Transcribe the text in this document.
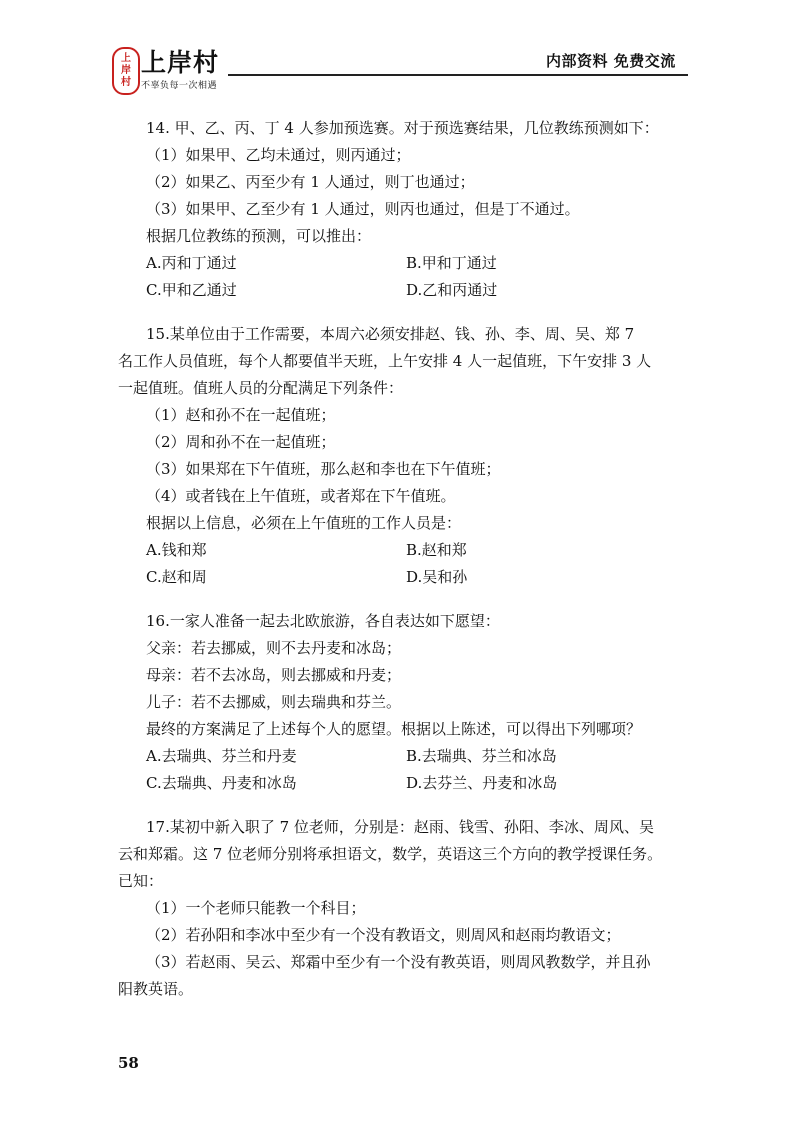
上
岸
村
上岸村
不辜负每一次相遇
内部资料 免费交流
14. 甲、乙、丙、丁 4 人参加预选赛。对于预选赛结果，几位教练预测如下：
（1）如果甲、乙均未通过，则丙通过；
（2）如果乙、丙至少有 1 人通过，则丁也通过；
（3）如果甲、乙至少有 1 人通过，则丙也通过，但是丁不通过。
根据几位教练的预测，可以推出：
A.丙和丁通过	B.甲和丁通过
C.甲和乙通过	D.乙和丙通过
15.某单位由于工作需要，本周六必须安排赵、钱、孙、李、周、吴、郑 7
名工作人员值班，每个人都要值半天班，上午安排 4 人一起值班，下午安排 3 人
一起值班。值班人员的分配满足下列条件：
（1）赵和孙不在一起值班；
（2）周和孙不在一起值班；
（3）如果郑在下午值班，那么赵和李也在下午值班；
（4）或者钱在上午值班，或者郑在下午值班。
根据以上信息，必须在上午值班的工作人员是：
A.钱和郑	B.赵和郑
C.赵和周	D.吴和孙
16.一家人准备一起去北欧旅游，各自表达如下愿望：
父亲：若去挪威，则不去丹麦和冰岛；
母亲：若不去冰岛，则去挪威和丹麦；
儿子：若不去挪威，则去瑞典和芬兰。
最终的方案满足了上述每个人的愿望。根据以上陈述，可以得出下列哪项？
A.去瑞典、芬兰和丹麦	B.去瑞典、芬兰和冰岛
C.去瑞典、丹麦和冰岛	D.去芬兰、丹麦和冰岛
17.某初中新入职了 7 位老师，分别是：赵雨、钱雪、孙阳、李冰、周风、吴
云和郑霜。这 7 位老师分别将承担语文，数学，英语这三个方向的教学授课任务。
已知：
（1）一个老师只能教一个科目；
（2）若孙阳和李冰中至少有一个没有教语文，则周风和赵雨均教语文；
（3）若赵雨、吴云、郑霜中至少有一个没有教英语，则周风教数学，并且孙
阳教英语。
58
